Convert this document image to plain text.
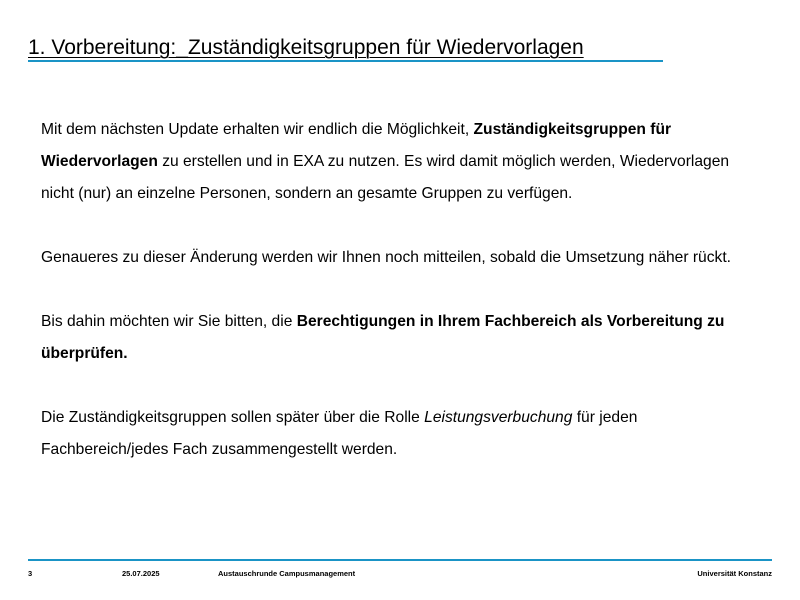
1. Vorbereitung:_Zuständigkeitsgruppen für Wiedervorlagen

Mit dem nächsten Update erhalten wir endlich die Möglichkeit, Zuständigkeitsgruppen für Wiedervorlagen zu erstellen und in EXA zu nutzen. Es wird damit möglich werden, Wiedervorlagen nicht (nur) an einzelne Personen, sondern an gesamte Gruppen zu verfügen.

Genaueres zu dieser Änderung werden wir Ihnen noch mitteilen, sobald die Umsetzung näher rückt.

Bis dahin möchten wir Sie bitten, die Berechtigungen in Ihrem Fachbereich als Vorbereitung zu überprüfen.

Die Zuständigkeitsgruppen sollen später über die Rolle Leistungsverbuchung für jeden Fachbereich/jedes Fach zusammengestellt werden.

3	25.07.2025	Austauschrunde Campusmanagement	Universität Konstanz
